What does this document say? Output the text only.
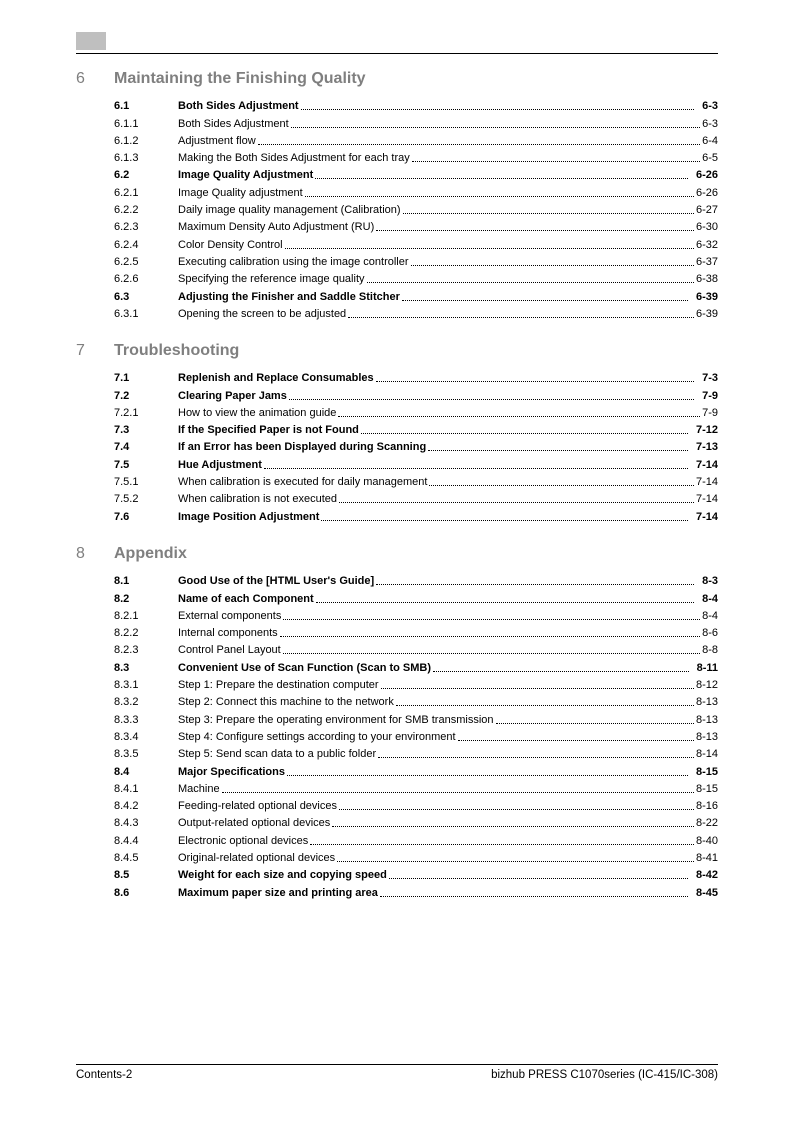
6	Maintaining the Finishing Quality
6.1	Both Sides Adjustment	6-3
6.1.1	Both Sides Adjustment	6-3
6.1.2	Adjustment flow	6-4
6.1.3	Making the Both Sides Adjustment for each tray	6-5
6.2	Image Quality Adjustment	6-26
6.2.1	Image Quality adjustment	6-26
6.2.2	Daily image quality management (Calibration)	6-27
6.2.3	Maximum Density Auto Adjustment (RU)	6-30
6.2.4	Color Density Control	6-32
6.2.5	Executing calibration using the image controller	6-37
6.2.6	Specifying the reference image quality	6-38
6.3	Adjusting the Finisher and Saddle Stitcher	6-39
6.3.1	Opening the screen to be adjusted	6-39
7	Troubleshooting
7.1	Replenish and Replace Consumables	7-3
7.2	Clearing Paper Jams	7-9
7.2.1	How to view the animation guide	7-9
7.3	If the Specified Paper is not Found	7-12
7.4	If an Error has been Displayed during Scanning	7-13
7.5	Hue Adjustment	7-14
7.5.1	When calibration is executed for daily management	7-14
7.5.2	When calibration is not executed	7-14
7.6	Image Position Adjustment	7-14
8	Appendix
8.1	Good Use of the [HTML User's Guide]	8-3
8.2	Name of each Component	8-4
8.2.1	External components	8-4
8.2.2	Internal components	8-6
8.2.3	Control Panel Layout	8-8
8.3	Convenient Use of Scan Function (Scan to SMB)	8-11
8.3.1	Step 1: Prepare the destination computer	8-12
8.3.2	Step 2: Connect this machine to the network	8-13
8.3.3	Step 3: Prepare the operating environment for SMB transmission	8-13
8.3.4	Step 4: Configure settings according to your environment	8-13
8.3.5	Step 5: Send scan data to a public folder	8-14
8.4	Major Specifications	8-15
8.4.1	Machine	8-15
8.4.2	Feeding-related optional devices	8-16
8.4.3	Output-related optional devices	8-22
8.4.4	Electronic optional devices	8-40
8.4.5	Original-related optional devices	8-41
8.5	Weight for each size and copying speed	8-42
8.6	Maximum paper size and printing area	8-45
Contents-2	bizhub PRESS C1070series (IC-415/IC-308)
